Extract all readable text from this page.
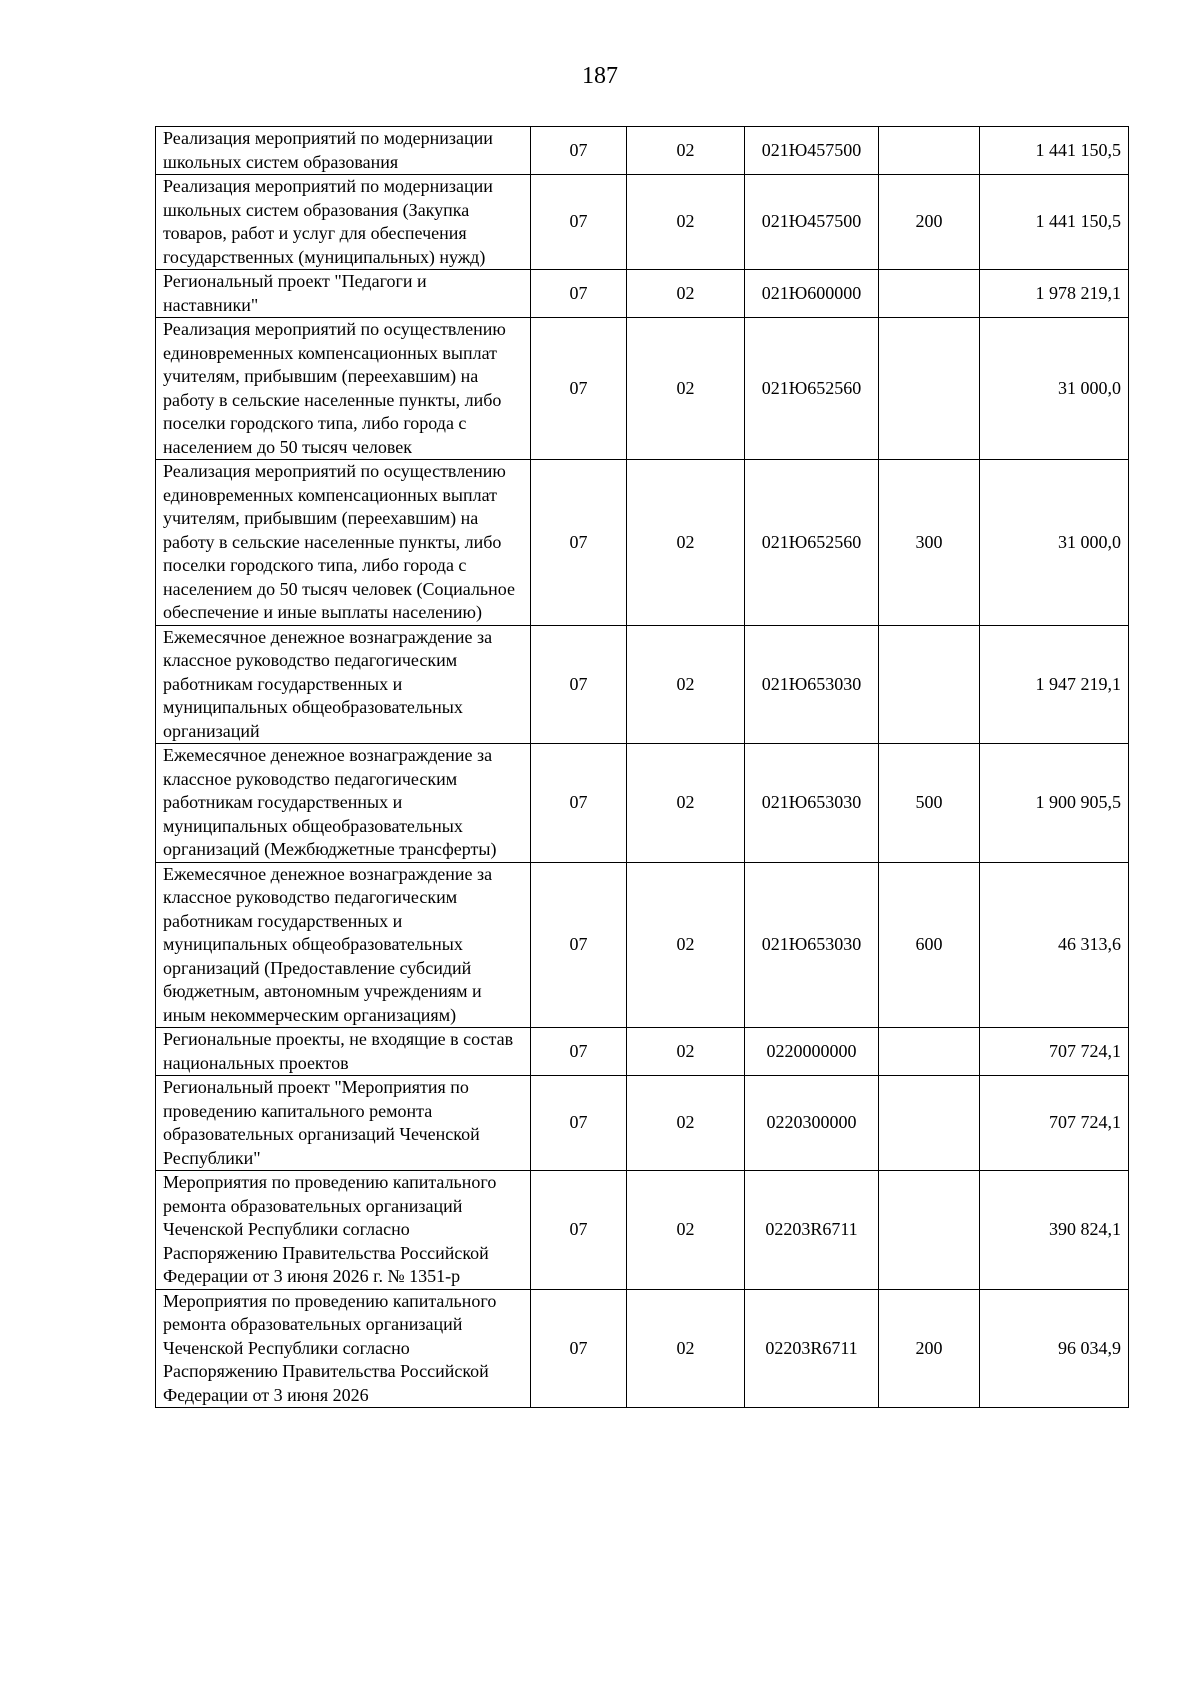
187
Реализация мероприятий по модернизации школьных систем образования	07	02	021Ю457500		1 441 150,5
Реализация мероприятий по модернизации школьных систем образования (Закупка товаров, работ и услуг для обеспечения государственных (муниципальных) нужд)	07	02	021Ю457500	200	1 441 150,5
Региональный проект "Педагоги и наставники"	07	02	021Ю600000		1 978 219,1
Реализация мероприятий по осуществлению единовременных компенсационных выплат учителям, прибывшим (переехавшим) на работу в сельские населенные пункты, либо поселки городского типа, либо города с населением до 50 тысяч человек	07	02	021Ю652560		31 000,0
Реализация мероприятий по осуществлению единовременных компенсационных выплат учителям, прибывшим (переехавшим) на работу в сельские населенные пункты, либо поселки городского типа, либо города с населением до 50 тысяч человек (Социальное обеспечение и иные выплаты населению)	07	02	021Ю652560	300	31 000,0
Ежемесячное денежное вознаграждение за классное руководство педагогическим работникам государственных и муниципальных общеобразовательных организаций	07	02	021Ю653030		1 947 219,1
Ежемесячное денежное вознаграждение за классное руководство педагогическим работникам государственных и муниципальных общеобразовательных организаций (Межбюджетные трансферты)	07	02	021Ю653030	500	1 900 905,5
Ежемесячное денежное вознаграждение за классное руководство педагогическим работникам государственных и муниципальных общеобразовательных организаций (Предоставление субсидий бюджетным, автономным учреждениям и иным некоммерческим организациям)	07	02	021Ю653030	600	46 313,6
Региональные проекты, не входящие в состав национальных проектов	07	02	0220000000		707 724,1
Региональный проект "Мероприятия по проведению капитального ремонта образовательных организаций Чеченской Республики"	07	02	0220300000		707 724,1
Мероприятия по проведению капитального ремонта образовательных организаций Чеченской Республики согласно Распоряжению Правительства Российской Федерации от 3 июня 2026 г. № 1351-р	07	02	02203R6711		390 824,1
Мероприятия по проведению капитального ремонта образовательных организаций Чеченской Республики согласно Распоряжению Правительства Российской Федерации от 3 июня 2026	07	02	02203R6711	200	96 034,9
